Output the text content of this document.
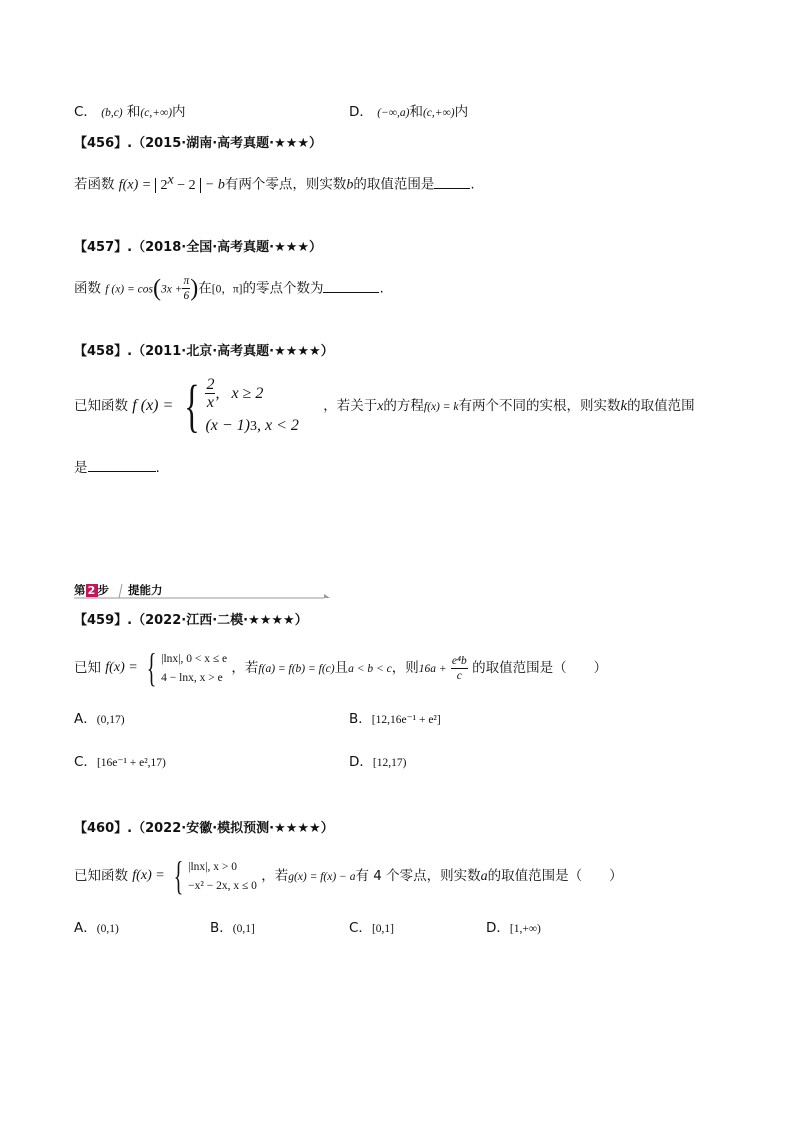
C． (b,c) 和(c,+∞)内	D． (−∞,a)和(c,+∞)内
【456】.（2015·湖南·高考真题·★★★）
若函数 $f(x) = 2^x - 2 - b$有两个零点，则实数b的取值范围是	.
【457】.（2018·全国·高考真题·★★★）
函数 f $(x) = \cos(3x + \frac{\pi}{6}$ )在[0，π]的零点个数为	.
【458】.（2011·北京·高考真题·★★★★）
已知函数 f (x) = { $\frac{2}{x}$ ,   x ≥ 2
(x − 1) 3 , x < 2
，若关于x的方程f(x) = k有两个不同的实根，则实数k的取值范围
是	.
第 2 步 提能力
【459】.（2022·江西·二模·★★★★）
已知 f(x) = { |lnx|, 0 < x ≤ e
4 − lnx, x > e
，若f(a) = f(b) = f(c)且a < b < c，则$16a + \frac{\text{e⁴b}}{c}$ 的取值范围是（　　）
A．(0,17)	B．[12,16e⁻¹ + e²]
C．[16e⁻¹ + e²,17)	D．[12,17)
【460】.（2022·安徽·模拟预测·★★★★）
已知函数 f(x) = { |lnx|, x > 0
−x² − 2x, x ≤ 0
，若g(x) = f(x) − a有 4 个零点，则实数a的取值范围是（　　）
A．(0,1)	B．(0,1]	C．[0,1]	D．[1,+∞)
